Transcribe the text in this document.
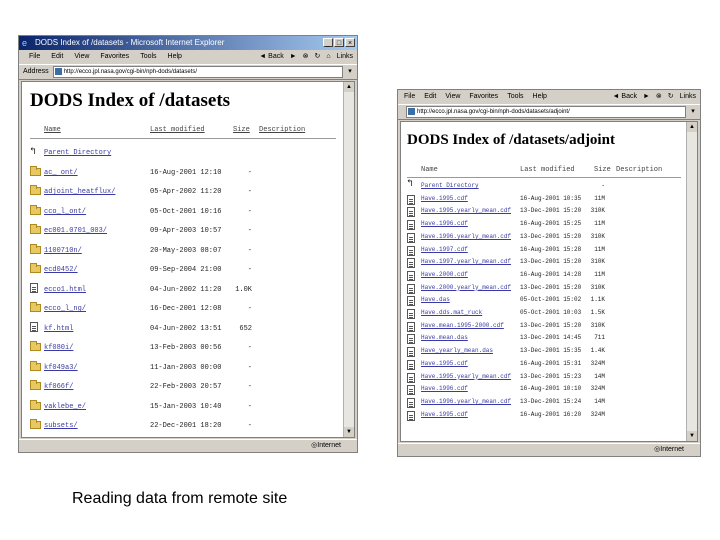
e DODS Index of /datasets - Microsoft Internet Explorer	_ □ ×
File Edit View Favorites Tools Help	◄ Back ► ⊗ ↻ ⌂ Links
Address	http://ecco.jpl.nasa.gov/cgi-bin/nph-dods/datasets/	▾
DODS Index of /datasets
Name	Last modified	Size Description
↰
Parent Directory
ac_ ont/	16-Aug-2001 12:10	-
adjoint_heatflux/	05-Apr-2002 11:20	-
cco_l_ont/	05-Oct-2001 10:16	-
ec001.0701_003/	09-Apr-2003 10:57	-
1100710n/	20-May-2003 08:07	-
ecd0452/	09-Sep-2004 21:00	-
ecco1.html	04-Jun-2002 11:20	1.0K
ecco_l_ng/	16-Dec-2001 12:08	-
kf.html	04-Jun-2002 13:51	652
kf080i/	13-Feb-2003 00:56	-
kf049a3/	11-Jan-2003 00:00	-
kf066f/	22-Feb-2003 20:57	-
vaklebe_e/	15-Jan-2003 10:40	-
subsets/	22-Dec-2001 18:20	-
▲
▼
◎ Internet
File Edit View Favorites Tools Help	◄ Back ► ⊗ ↻ Links
http://ecco.jpl.nasa.gov/cgi-bin/nph-dods/datasets/adjoint/	▾
DODS Index of /datasets/adjoint
Name	Last modified	Size Description
↰
Parent Directory	-
Have.1995.cdf	16-Aug-2001 10:35	11M
Have.1995.yearly_mean.cdf	13-Dec-2001 15:20	310K
Have.1996.cdf	16-Aug-2001 15:25	11M
Have.1996.yearly_mean.cdf	13-Dec-2001 15:20	310K
Have.1997.cdf	16-Aug-2001 15:28	11M
Have.1997.yearly_mean.cdf	13-Dec-2001 15:20	310K
Have.2000.cdf	16-Aug-2001 14:28	11M
Have.2000.yearly_mean.cdf	13-Dec-2001 15:20	310K
Have.das	05-Oct-2001 15:02	1.1K
Have.dds.mat_ruck	05-Oct-2001 10:03	1.5K
Have.mean.1995-2000.cdf	13-Dec-2001 15:20	310K
Have.mean.das	13-Dec-2001 14:45	711
Have_yearly_mean.das	13-Dec-2001 15:35	1.4K
Have.1995.cdf	16-Aug-2001 15:31	324M
Have.1995.yearly_mean.cdf	13-Dec-2001 15:23	14M
Have.1996.cdf	16-Aug-2001 10:10	324M
Have.1996.yearly_mean.cdf	13-Dec-2001 15:24	14M
Have.1995.cdf	16-Aug-2001 16:20	324M
▲
▼
◎ Internet
Reading data from remote site
